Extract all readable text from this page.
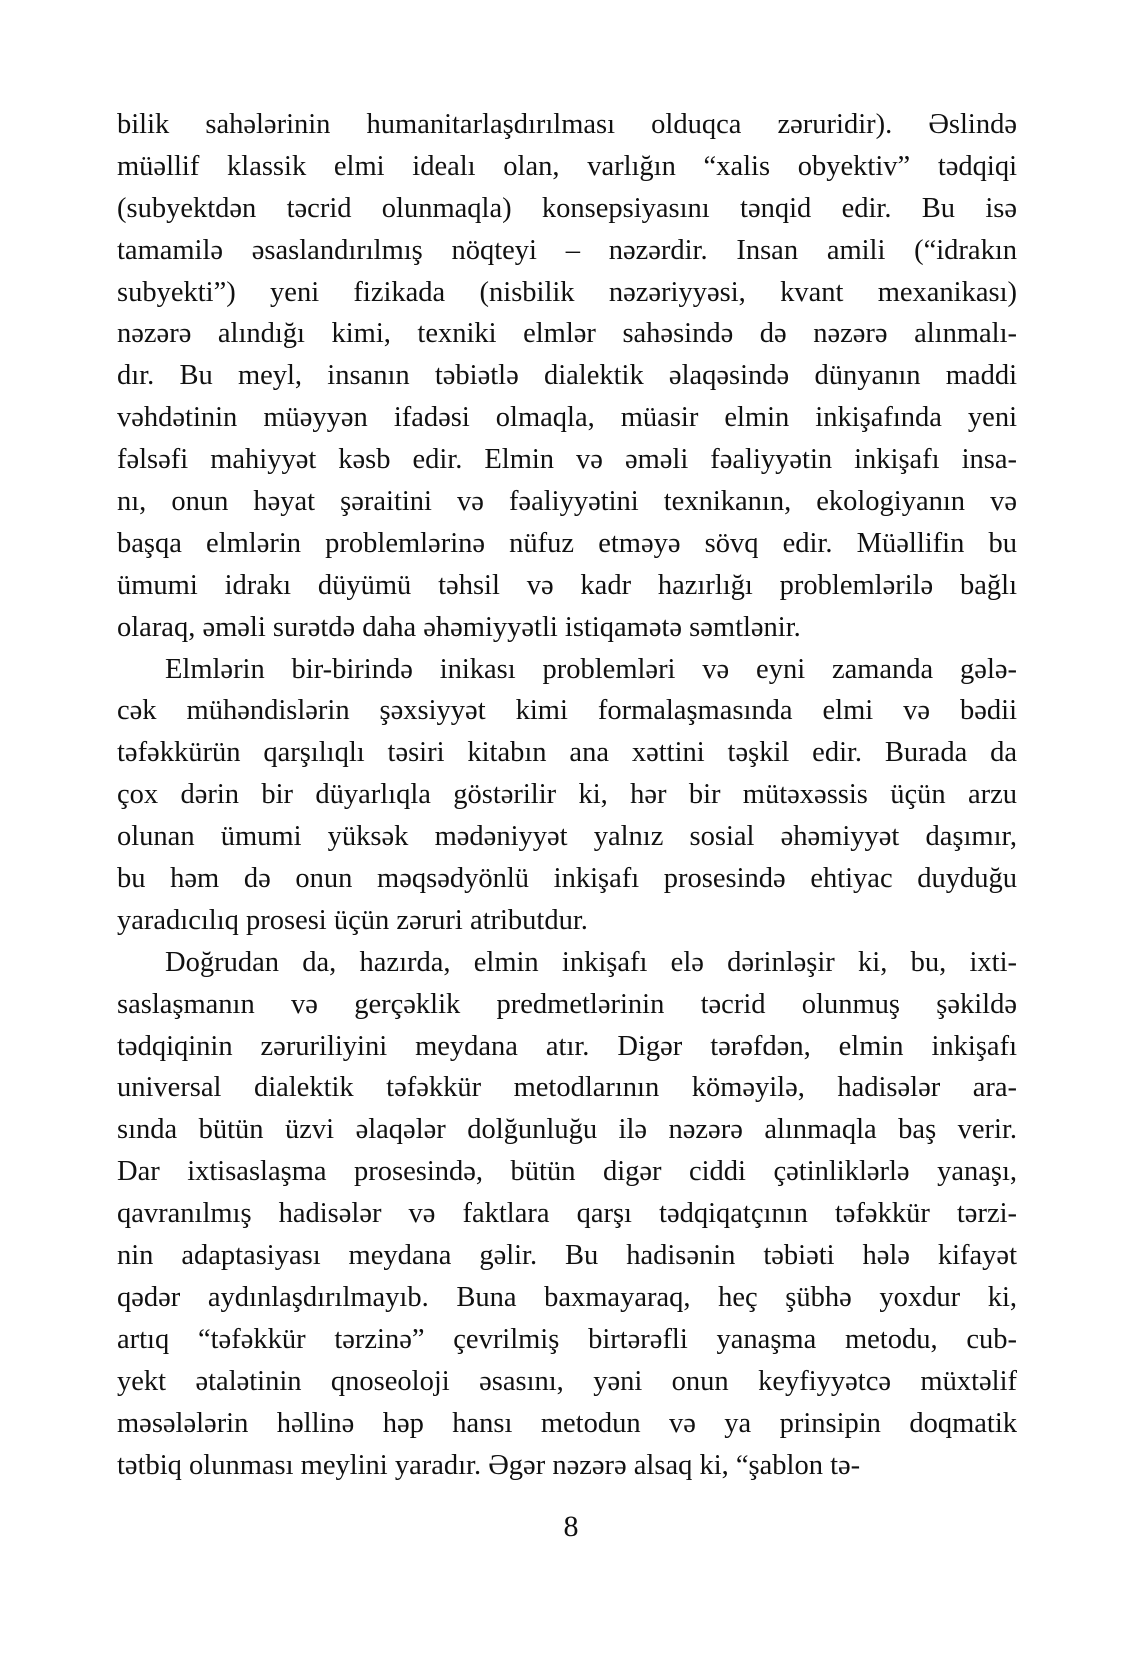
bilik sahələrinin humanitarlaşdırılması olduqca zəruridir). Əslində
müəllif klassik elmi idealı olan, varlığın “xalis obyektiv” tədqiqi
(subyektdən təcrid olunmaqla) konsepsiyasını tənqid edir. Bu isə
tamamilə əsaslandırılmış nöqteyi – nəzərdir. Insan amili (“idrakın
subyekti”) yeni fizikada (nisbilik nəzəriyyəsi, kvant mexanikası)
nəzərə alındığı kimi, texniki elmlər sahəsində də nəzərə alınmalı-
dır. Bu meyl, insanın təbiətlə dialektik əlaqəsində dünyanın maddi
vəhdətinin müəyyən ifadəsi olmaqla, müasir elmin inkişafında yeni
fəlsəfi mahiyyət kəsb edir. Elmin və əməli fəaliyyətin inkişafı insa-
nı, onun həyat şəraitini və fəaliyyətini texnikanın, ekologiyanın və
başqa elmlərin problemlərinə nüfuz etməyə sövq edir. Müəllifin bu
ümumi idrakı düyümü təhsil və kadr hazırlığı problemlərilə bağlı
olaraq, əməli surətdə daha əhəmiyyətli istiqamətə səmtlənir.
Elmlərin bir-birində inikası problemləri və eyni zamanda gələ-
cək mühəndislərin şəxsiyyət kimi formalaşmasında elmi və bədii
təfəkkürün qarşılıqlı təsiri kitabın ana xəttini təşkil edir. Burada da
çox dərin bir düyarlıqla göstərilir ki, hər bir mütəxəssis üçün arzu
olunan ümumi yüksək mədəniyyət yalnız sosial əhəmiyyət daşımır,
bu həm də onun məqsədyönlü inkişafı prosesində ehtiyac duyduğu
yaradıcılıq prosesi üçün zəruri atributdur.
Doğrudan da, hazırda, elmin inkişafı elə dərinləşir ki, bu, ixti-
saslaşmanın və gerçəklik predmetlərinin təcrid olunmuş şəkildə
tədqiqinin zəruriliyini meydana atır. Digər tərəfdən, elmin inkişafı
universal dialektik təfəkkür metodlarının köməyilə, hadisələr ara-
sında bütün üzvi əlaqələr dolğunluğu ilə nəzərə alınmaqla baş verir.
Dar ixtisaslaşma prosesində, bütün digər ciddi çətinliklərlə yanaşı,
qavranılmış hadisələr və faktlara qarşı tədqiqatçının təfəkkür tərzi-
nin adaptasiyası meydana gəlir. Bu hadisənin təbiəti hələ kifayət
qədər aydınlaşdırılmayıb. Buna baxmayaraq, heç şübhə yoxdur ki,
artıq “təfəkkür tərzinə” çevrilmiş birtərəfli yanaşma metodu, cub-
yekt ətalətinin qnoseoloji əsasını, yəni onun keyfiyyətcə müxtəlif
məsələlərin həllinə həp hansı metodun və ya prinsipin doqmatik
tətbiq olunması meylini yaradır. Əgər nəzərə alsaq ki, “şablon tə-
8
